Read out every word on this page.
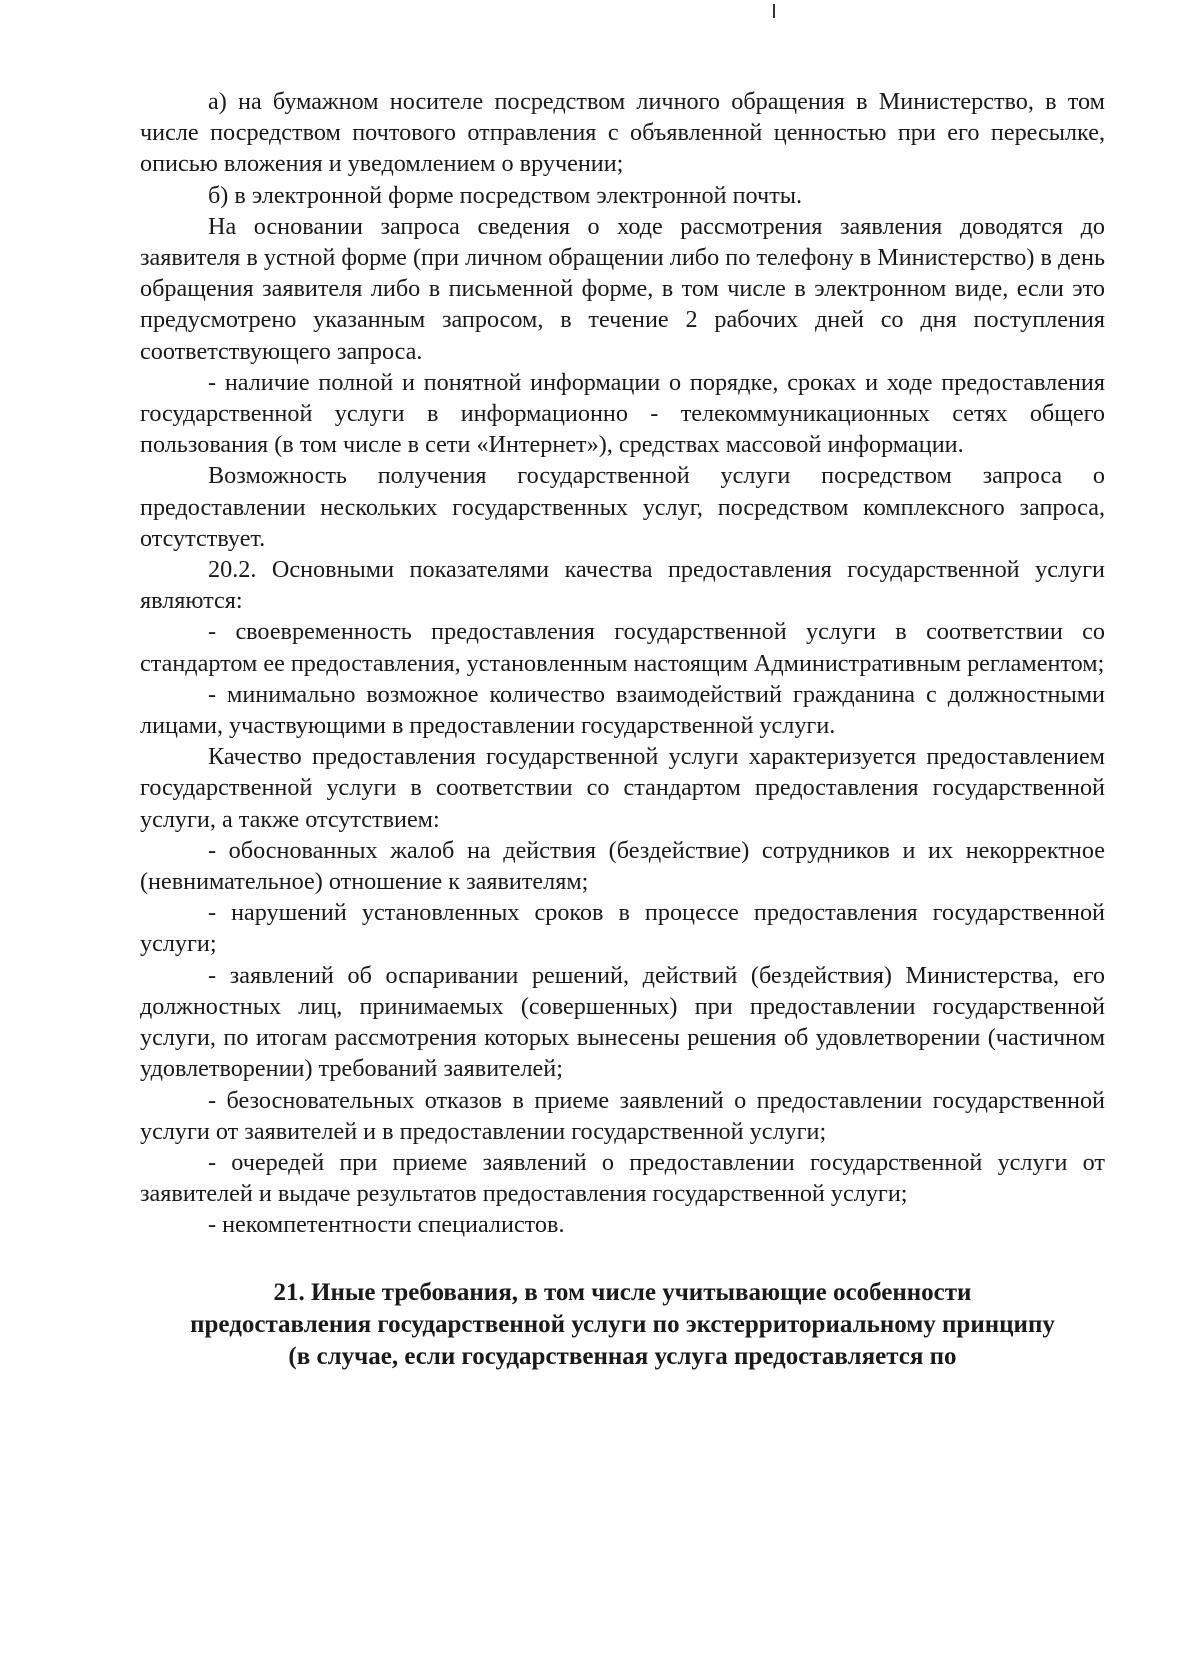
а) на бумажном носителе посредством личного обращения в Министерство, в том числе посредством почтового отправления с объявленной ценностью при его пересылке, описью вложения и уведомлением о вручении;

б) в электронной форме посредством электронной почты.

На основании запроса сведения о ходе рассмотрения заявления доводятся до заявителя в устной форме (при личном обращении либо по телефону в Министерство) в день обращения заявителя либо в письменной форме, в том числе в электронном виде, если это предусмотрено указанным запросом, в течение 2 рабочих дней со дня поступления соответствующего запроса.

- наличие полной и понятной информации о порядке, сроках и ходе предоставления государственной услуги в информационно - телекоммуникационных сетях общего пользования (в том числе в сети «Интернет»), средствах массовой информации.

Возможность получения государственной услуги посредством запроса о предоставлении нескольких государственных услуг, посредством комплексного запроса, отсутствует.

20.2. Основными показателями качества предоставления государственной услуги являются:

- своевременность предоставления государственной услуги в соответствии со стандартом ее предоставления, установленным настоящим Административным регламентом;

- минимально возможное количество взаимодействий гражданина с должностными лицами, участвующими в предоставлении государственной услуги.

Качество предоставления государственной услуги характеризуется предоставлением государственной услуги в соответствии со стандартом предоставления государственной услуги, а также отсутствием:

- обоснованных жалоб на действия (бездействие) сотрудников и их некорректное (невнимательное) отношение к заявителям;

- нарушений установленных сроков в процессе предоставления государственной услуги;

- заявлений об оспаривании решений, действий (бездействия) Министерства, его должностных лиц, принимаемых (совершенных) при предоставлении государственной услуги, по итогам рассмотрения которых вынесены решения об удовлетворении (частичном удовлетворении) требований заявителей;

- безосновательных отказов в приеме заявлений о предоставлении государственной услуги от заявителей и в предоставлении государственной услуги;

- очередей при приеме заявлений о предоставлении государственной услуги от заявителей и выдаче результатов предоставления государственной услуги;

- некомпетентности специалистов.

21. Иные требования, в том числе учитывающие особенности
предоставления государственной услуги по экстерриториальному принципу
(в случае, если государственная услуга предоставляется по
